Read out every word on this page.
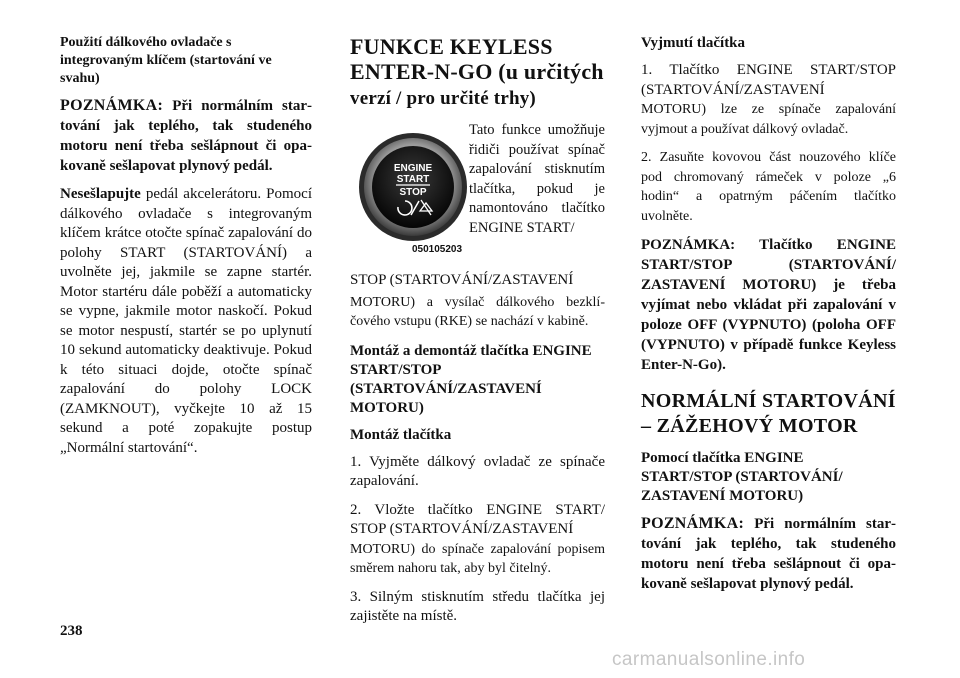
Použití dálkového ovladače s integrovaným klíčem (startování ve svahu)
POZNÁMKA: Při normálním startování jak teplého, tak studeného motoru není třeba sešlápnout či opakovaně sešlapovat plynový pedál.

Nesešlapujte pedál akcelerátoru. Pomocí dálkového ovladače s integrovaným klíčem krátce otočte spínač zapalování do polohy START (STARTOVÁNÍ) a uvolněte jej, jakmile se zapne startér. Motor startéru dále poběží a automaticky se vypne, jakmile motor naskočí. Pokud se motor nespustí, startér se po uplynutí 10 sekund automaticky deaktivuje. Pokud k této situaci dojde, otočte spínač zapalování do polohy LOCK (ZAMKNOUT), vyčkejte 10 až 15 sekund a poté zopakujte postup „Normální startování“.

FUNKCE KEYLESS
ENTER-N-GO (u určitých
verzí / pro určité trhy)
ENGINE
START
STOP
050105203
Tato funkce umožňuje řidiči používat spínač zapalování stisknutím tlačítka, pokud je namontováno tlačítko ENGINE START/

STOP (STARTOVÁNÍ/ZASTAVENÍ

MOTORU) a vysílač dálkového bezklíčového vstupu (RKE) se nachází v kabině.

Montáž a demontáž tlačítka ENGINE START/STOP (STARTOVÁNÍ/ZASTAVENÍ MOTORU)
Montáž tlačítka

1. Vyjměte dálkový ovladač ze spínače zapalování.

2. Vložte tlačítko ENGINE START/ STOP (STARTOVÁNÍ/ZASTAVENÍ

MOTORU) do spínače zapalování popisem směrem nahoru tak, aby byl čitelný.

3. Silným stisknutím středu tlačítka jej zajistěte na místě.

Vyjmutí tlačítka

1. Tlačítko ENGINE START/STOP (STARTOVÁNÍ/ZASTAVENÍ

MOTORU) lze ze spínače zapalování vyjmout a používat dálkový ovladač.

2. Zasuňte kovovou část nouzového klíče pod chromovaný rámeček v poloze „6 hodin“ a opatrným páčením tlačítko uvolněte.

POZNÁMKA: Tlačítko ENGINE START/STOP (STARTOVÁNÍ/ ZASTAVENÍ MOTORU) je třeba vyjímat nebo vkládat při zapalování v poloze OFF (VYPNUTO) (poloha OFF (VYPNUTO) v případě funkce Keyless Enter-N-Go).
NORMÁLNÍ STARTOVÁNÍ
– ZÁŽEHOVÝ MOTOR
Pomocí tlačítka ENGINE START/STOP (STARTOVÁNÍ/ ZASTAVENÍ MOTORU)
POZNÁMKA: Při normálním startování jak teplého, tak studeného motoru není třeba sešlápnout či opakovaně sešlapovat plynový pedál.
238
carmanualsonline.info
